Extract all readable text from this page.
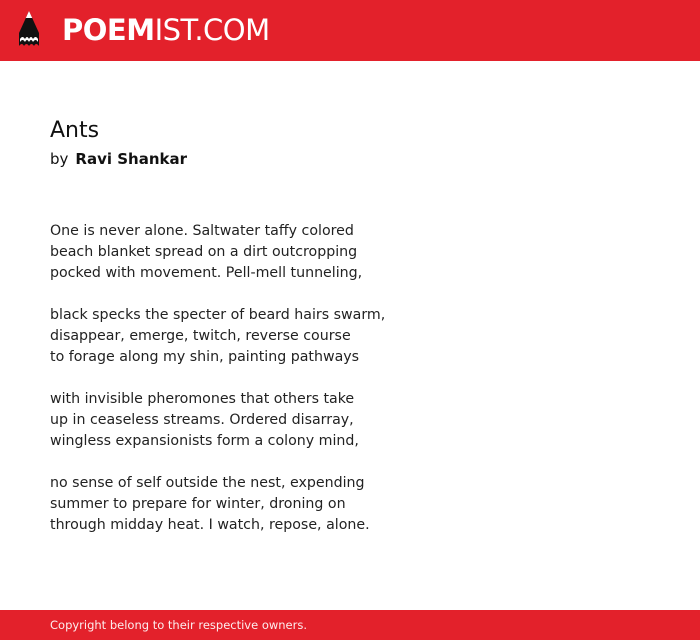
POEM IST.COM
Ants
by Ravi Shankar
One is never alone. Saltwater taffy colored
beach blanket spread on a dirt outcropping
pocked with movement. Pell-mell tunneling,
black specks the specter of beard hairs swarm,
disappear, emerge, twitch, reverse course
to forage along my shin, painting pathways
with invisible pheromones that others take
up in ceaseless streams. Ordered disarray,
wingless expansionists form a colony mind,
no sense of self outside the nest, expending
summer to prepare for winter, droning on
through midday heat. I watch, repose, alone.
Copyright belong to their respective owners.
